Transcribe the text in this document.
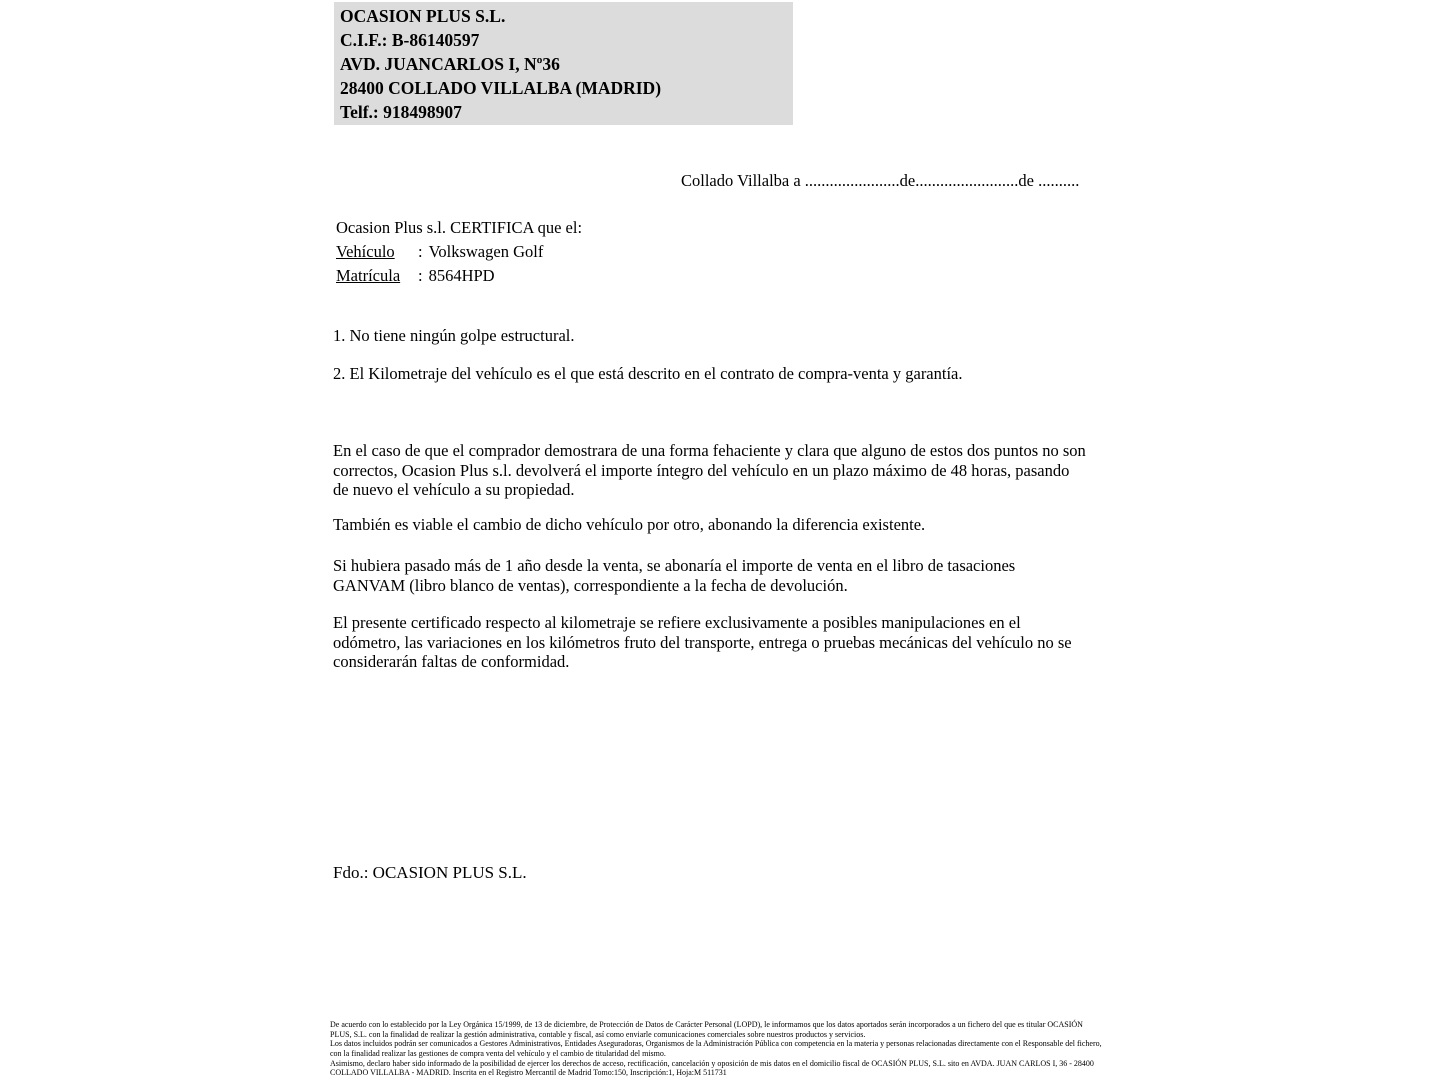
OCASION PLUS S.L.
C.I.F.: B-86140597
AVD. JUANCARLOS I, Nº36
28400 COLLADO VILLALBA (MADRID)
Telf.: 918498907
Collado Villalba a .......................de.........................de ..........
Ocasion Plus s.l. CERTIFICA que el:
Vehículo : Volkswagen Golf
Matrícula : 8564HPD
1. No tiene ningún golpe estructural.
2. El Kilometraje del vehículo es el que está descrito en el contrato de compra-venta y garantía.
En el caso de que el comprador demostrara de una forma fehaciente y clara que alguno de estos dos puntos no son correctos, Ocasion Plus s.l. devolverá el importe íntegro del vehículo en un plazo máximo de 48 horas, pasando de nuevo el vehículo a su propiedad.
También es viable el cambio de dicho vehículo por otro, abonando la diferencia existente.
Si hubiera pasado más de 1 año desde la venta, se abonaría el importe de venta en el libro de tasaciones GANVAM (libro blanco de ventas), correspondiente a la fecha de devolución.
El presente certificado respecto al kilometraje se refiere exclusivamente a posibles manipulaciones en el odómetro, las variaciones en los kilómetros fruto del transporte, entrega o pruebas mecánicas del vehículo no se considerarán faltas de conformidad.
Fdo.: OCASION PLUS S.L.
De acuerdo con lo establecido por la Ley Orgánica 15/1999, de 13 de diciembre, de Protección de Datos de Carácter Personal (LOPD), le informamos que los datos aportados serán incorporados a un fichero del que es titular OCASIÓN PLUS, S.L. con la finalidad de realizar la gestión administrativa, contable y fiscal, así como enviarle comunicaciones comerciales sobre nuestros productos y servicios.
Los datos incluidos podrán ser comunicados a Gestores Administrativos, Entidades Aseguradoras, Organismos de la Administración Pública con competencia en la materia y personas relacionadas directamente con el Responsable del fichero, con la finalidad realizar las gestiones de compra venta del vehículo y el cambio de titularidad del mismo.
Asimismo, declaro haber sido informado de la posibilidad de ejercer los derechos de acceso, rectificación, cancelación y oposición de mis datos en el domicilio fiscal de OCASIÓN PLUS, S.L. sito en AVDA. JUAN CARLOS I, 36 - 28400 COLLADO VILLALBA - MADRID. Inscrita en el Registro Mercantil de Madrid Tomo:150, Inscripción:1, Hoja:M 511731
